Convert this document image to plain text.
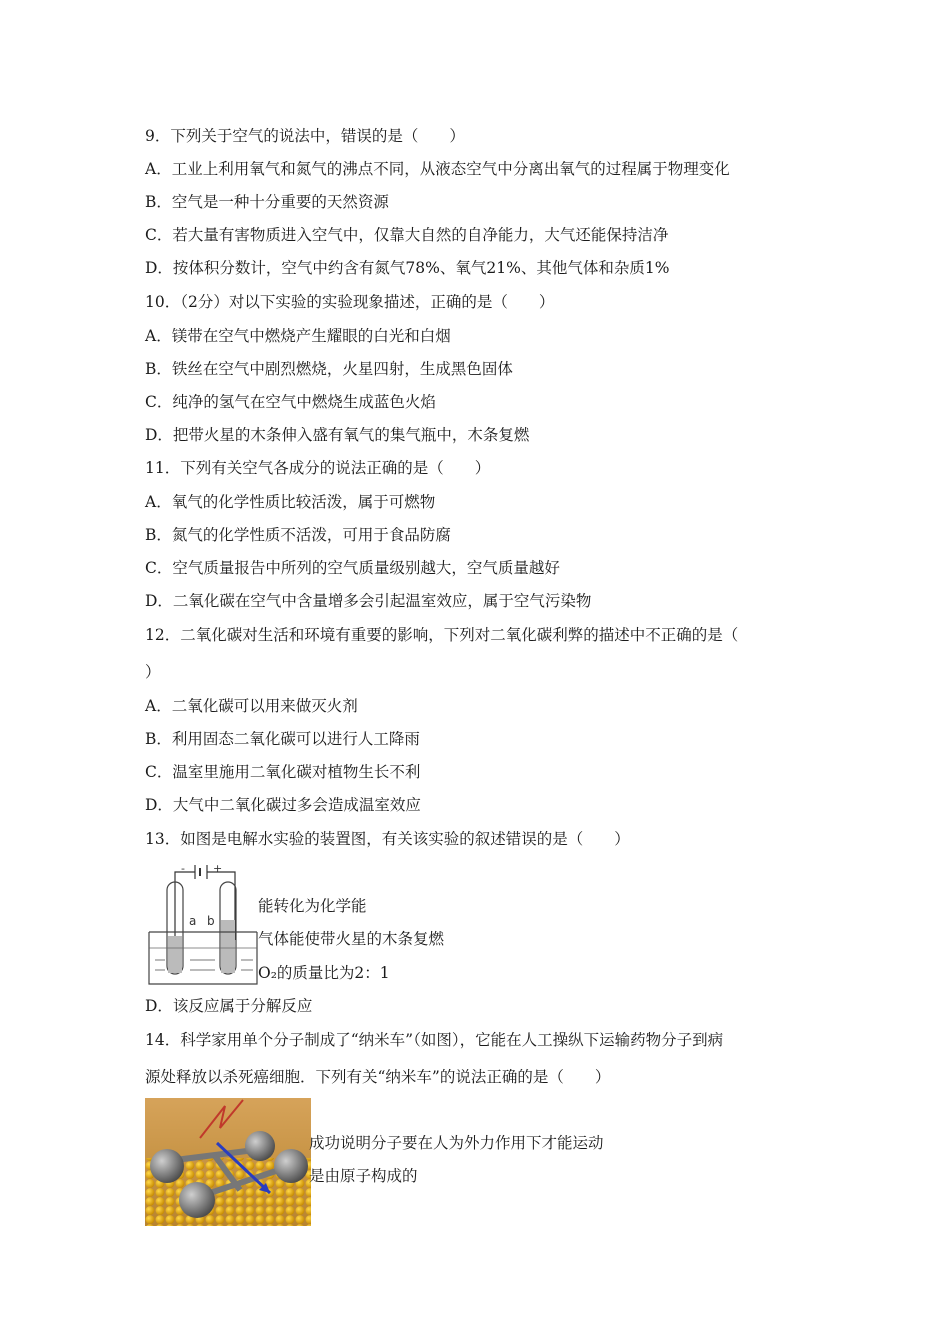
9．下列关于空气的说法中，错误的是（　　）
A．工业上利用氧气和氮气的沸点不同，从液态空气中分离出氧气的过程属于物理变化
B．空气是一种十分重要的天然资源
C．若大量有害物质进入空气中，仅靠大自然的自净能力，大气还能保持洁净
D．按体积分数计，空气中约含有氮气78%、氧气21%、其他气体和杂质1%
10．（2分）对以下实验的实验现象描述，正确的是（　　）
A．镁带在空气中燃烧产生耀眼的白光和白烟
B．铁丝在空气中剧烈燃烧，火星四射，生成黑色固体
C．纯净的氢气在空气中燃烧生成蓝色火焰
D．把带火星的木条伸入盛有氧气的集气瓶中，木条复燃
11．下列有关空气各成分的说法正确的是（　　）
A．氧气的化学性质比较活泼，属于可燃物
B．氮气的化学性质不活泼，可用于食品防腐
C．空气质量报告中所列的空气质量级别越大，空气质量越好
D．二氧化碳在空气中含量增多会引起温室效应，属于空气污染物
12．二氧化碳对生活和环境有重要的影响，下列对二氧化碳利弊的描述中不正确的是（
）
A．二氧化碳可以用来做灭火剂
B．利用固态二氧化碳可以进行人工降雨
C．温室里施用二氧化碳对植物生长不利
D．大气中二氧化碳过多会造成温室效应
13．如图是电解水实验的装置图，有关该实验的叙述错误的是（　　）
-	+
a b
能转化为化学能
气体能使带火星的木条复燃
O₂的质量比为2：1
D．该反应属于分解反应
14．科学家用单个分子制成了“纳米车”（如图），它能在人工操纵下运输药物分子到病
源处释放以杀死癌细胞．下列有关“纳米车”的说法正确的是（　　）
成功说明分子要在人为外力作用下才能运动
是由原子构成的
